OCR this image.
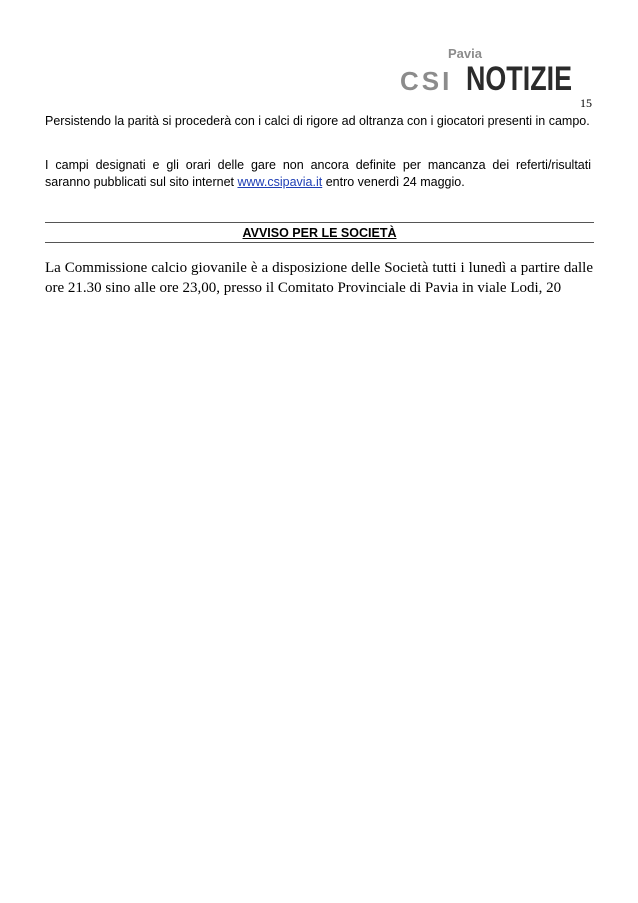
Pavia
CSI NOTIZIE
15

Persistendo la parità si procederà con i calci di rigore ad oltranza con i giocatori presenti in campo.

I campi designati e gli orari delle gare non ancora definite per mancanza dei referti/risultati saranno pubblicati sul sito internet www.csipavia.it entro venerdì 24 maggio.

AVVISO PER LE SOCIETÀ

La Commissione calcio giovanile è a disposizione delle Società tutti i lunedì a partire dalle ore 21.30 sino alle ore 23,00, presso il Comitato Provinciale di Pavia in viale Lodi, 20
